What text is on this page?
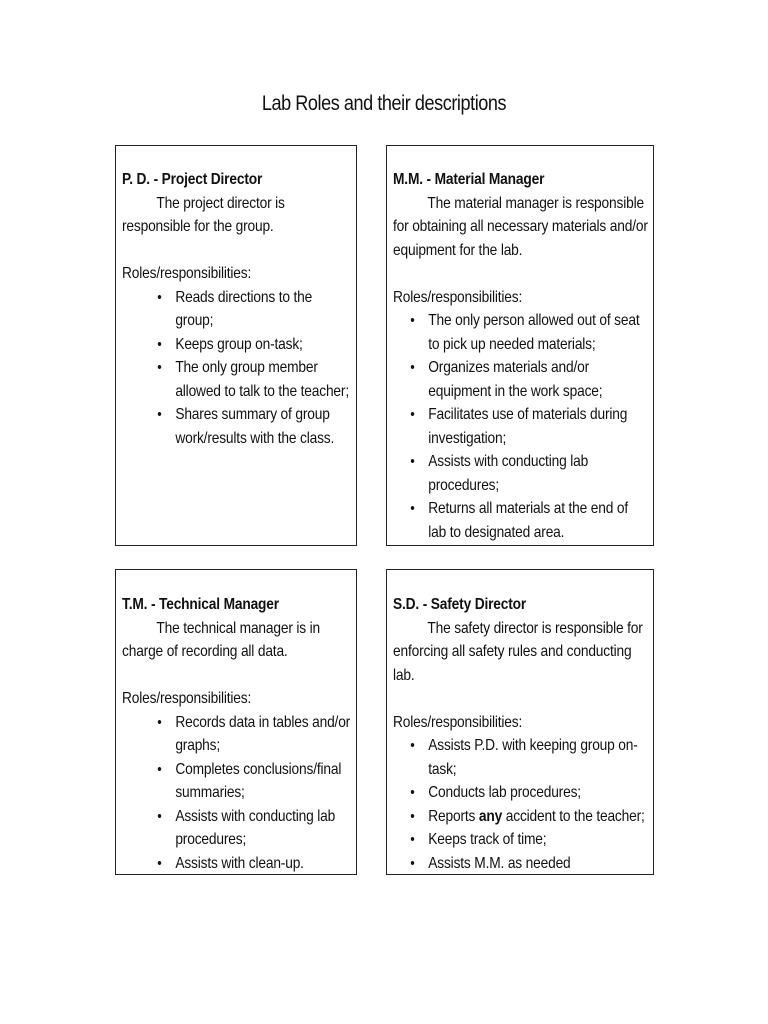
Lab Roles and their descriptions
P. D. - Project Director
The project director is responsible for the group.
Roles/responsibilities:
• Reads directions to the group;
• Keeps group on-task;
• The only group member allowed to talk to the teacher;
• Shares summary of group work/results with the class.
M.M. - Material Manager
The material manager is responsible for obtaining all necessary materials and/or equipment for the lab.
Roles/responsibilities:
• The only person allowed out of seat to pick up needed materials;
• Organizes materials and/or equipment in the work space;
• Facilitates use of materials during investigation;
• Assists with conducting lab procedures;
• Returns all materials at the end of lab to designated area.
T.M. - Technical Manager
The technical manager is in charge of recording all data.
Roles/responsibilities:
• Records data in tables and/or graphs;
• Completes conclusions/final summaries;
• Assists with conducting lab procedures;
• Assists with clean-up.
S.D. - Safety Director
The safety director is responsible for enforcing all safety rules and conducting lab.
Roles/responsibilities:
• Assists P.D. with keeping group on-task;
• Conducts lab procedures;
• Reports any accident to the teacher;
• Keeps track of time;
• Assists M.M. as needed
